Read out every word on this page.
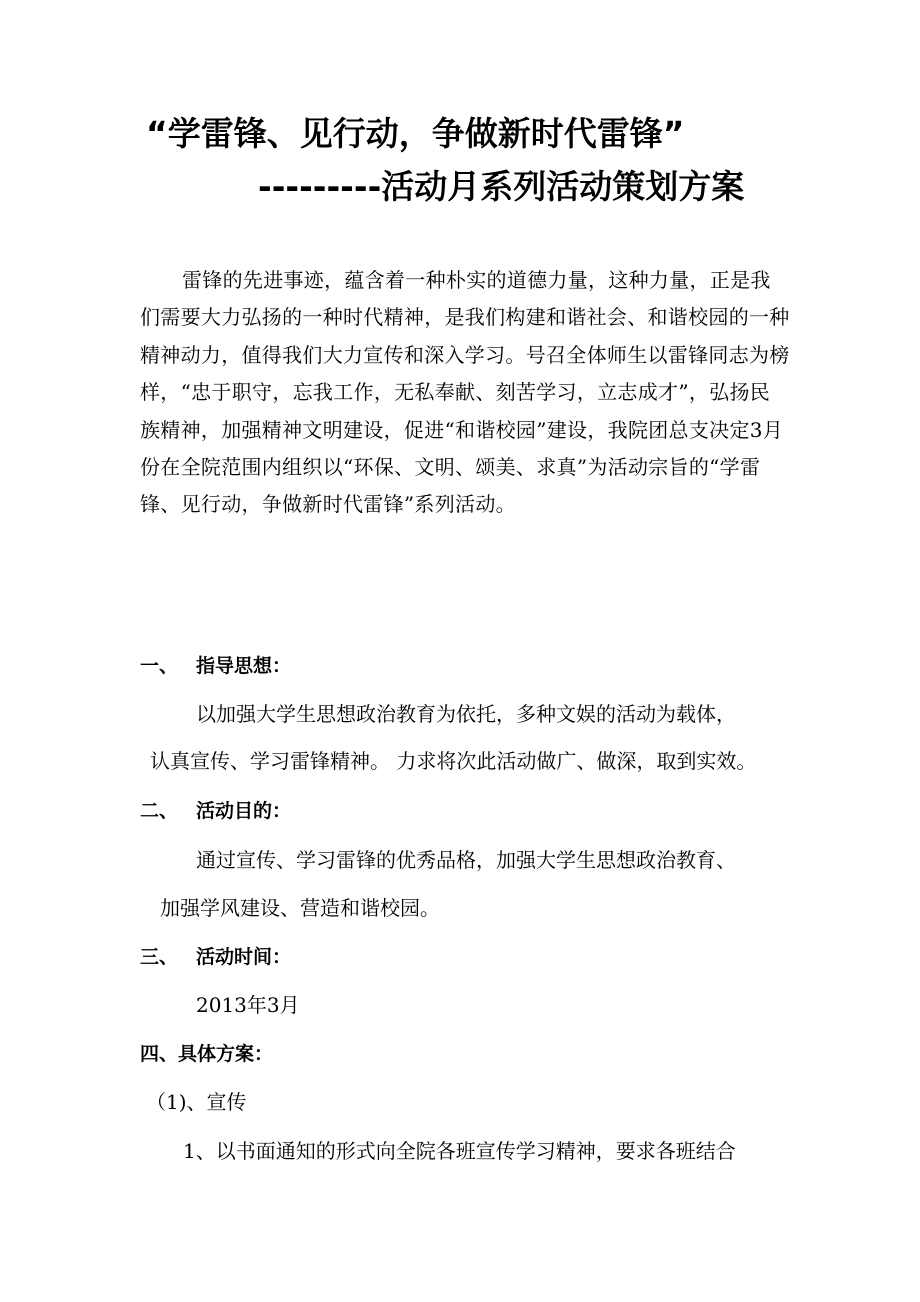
“学雷锋、见行动，争做新时代雷锋”
---------活动月系列活动策划方案
雷锋的先进事迹，蕴含着一种朴实的道德力量，这种力量，正是我们需要大力弘扬的一种时代精神，是我们构建和谐社会、和谐校园的一种精神动力，值得我们大力宣传和深入学习。号召全体师生以雷锋同志为榜样，“忠于职守，忘我工作，无私奉献、刻苦学习，立志成才”，弘扬民族精神，加强精神文明建设，促进“和谐校园”建设，我院团总支决定3月份在全院范围内组织以“环保、文明、颂美、求真”为活动宗旨的“学雷锋、见行动，争做新时代雷锋”系列活动。
一、 指导思想：
以加强大学生思想政治教育为依托，多种文娱的活动为载体，
认真宣传、学习雷锋精神。 力求将次此活动做广、做深，取到实效。
二、 活动目的：
通过宣传、学习雷锋的优秀品格，加强大学生思想政治教育、
加强学风建设、营造和谐校园。
三、 活动时间：
2013年3月
四、具体方案：
（1)、宣传
1、以书面通知的形式向全院各班宣传学习精神，要求各班结合
